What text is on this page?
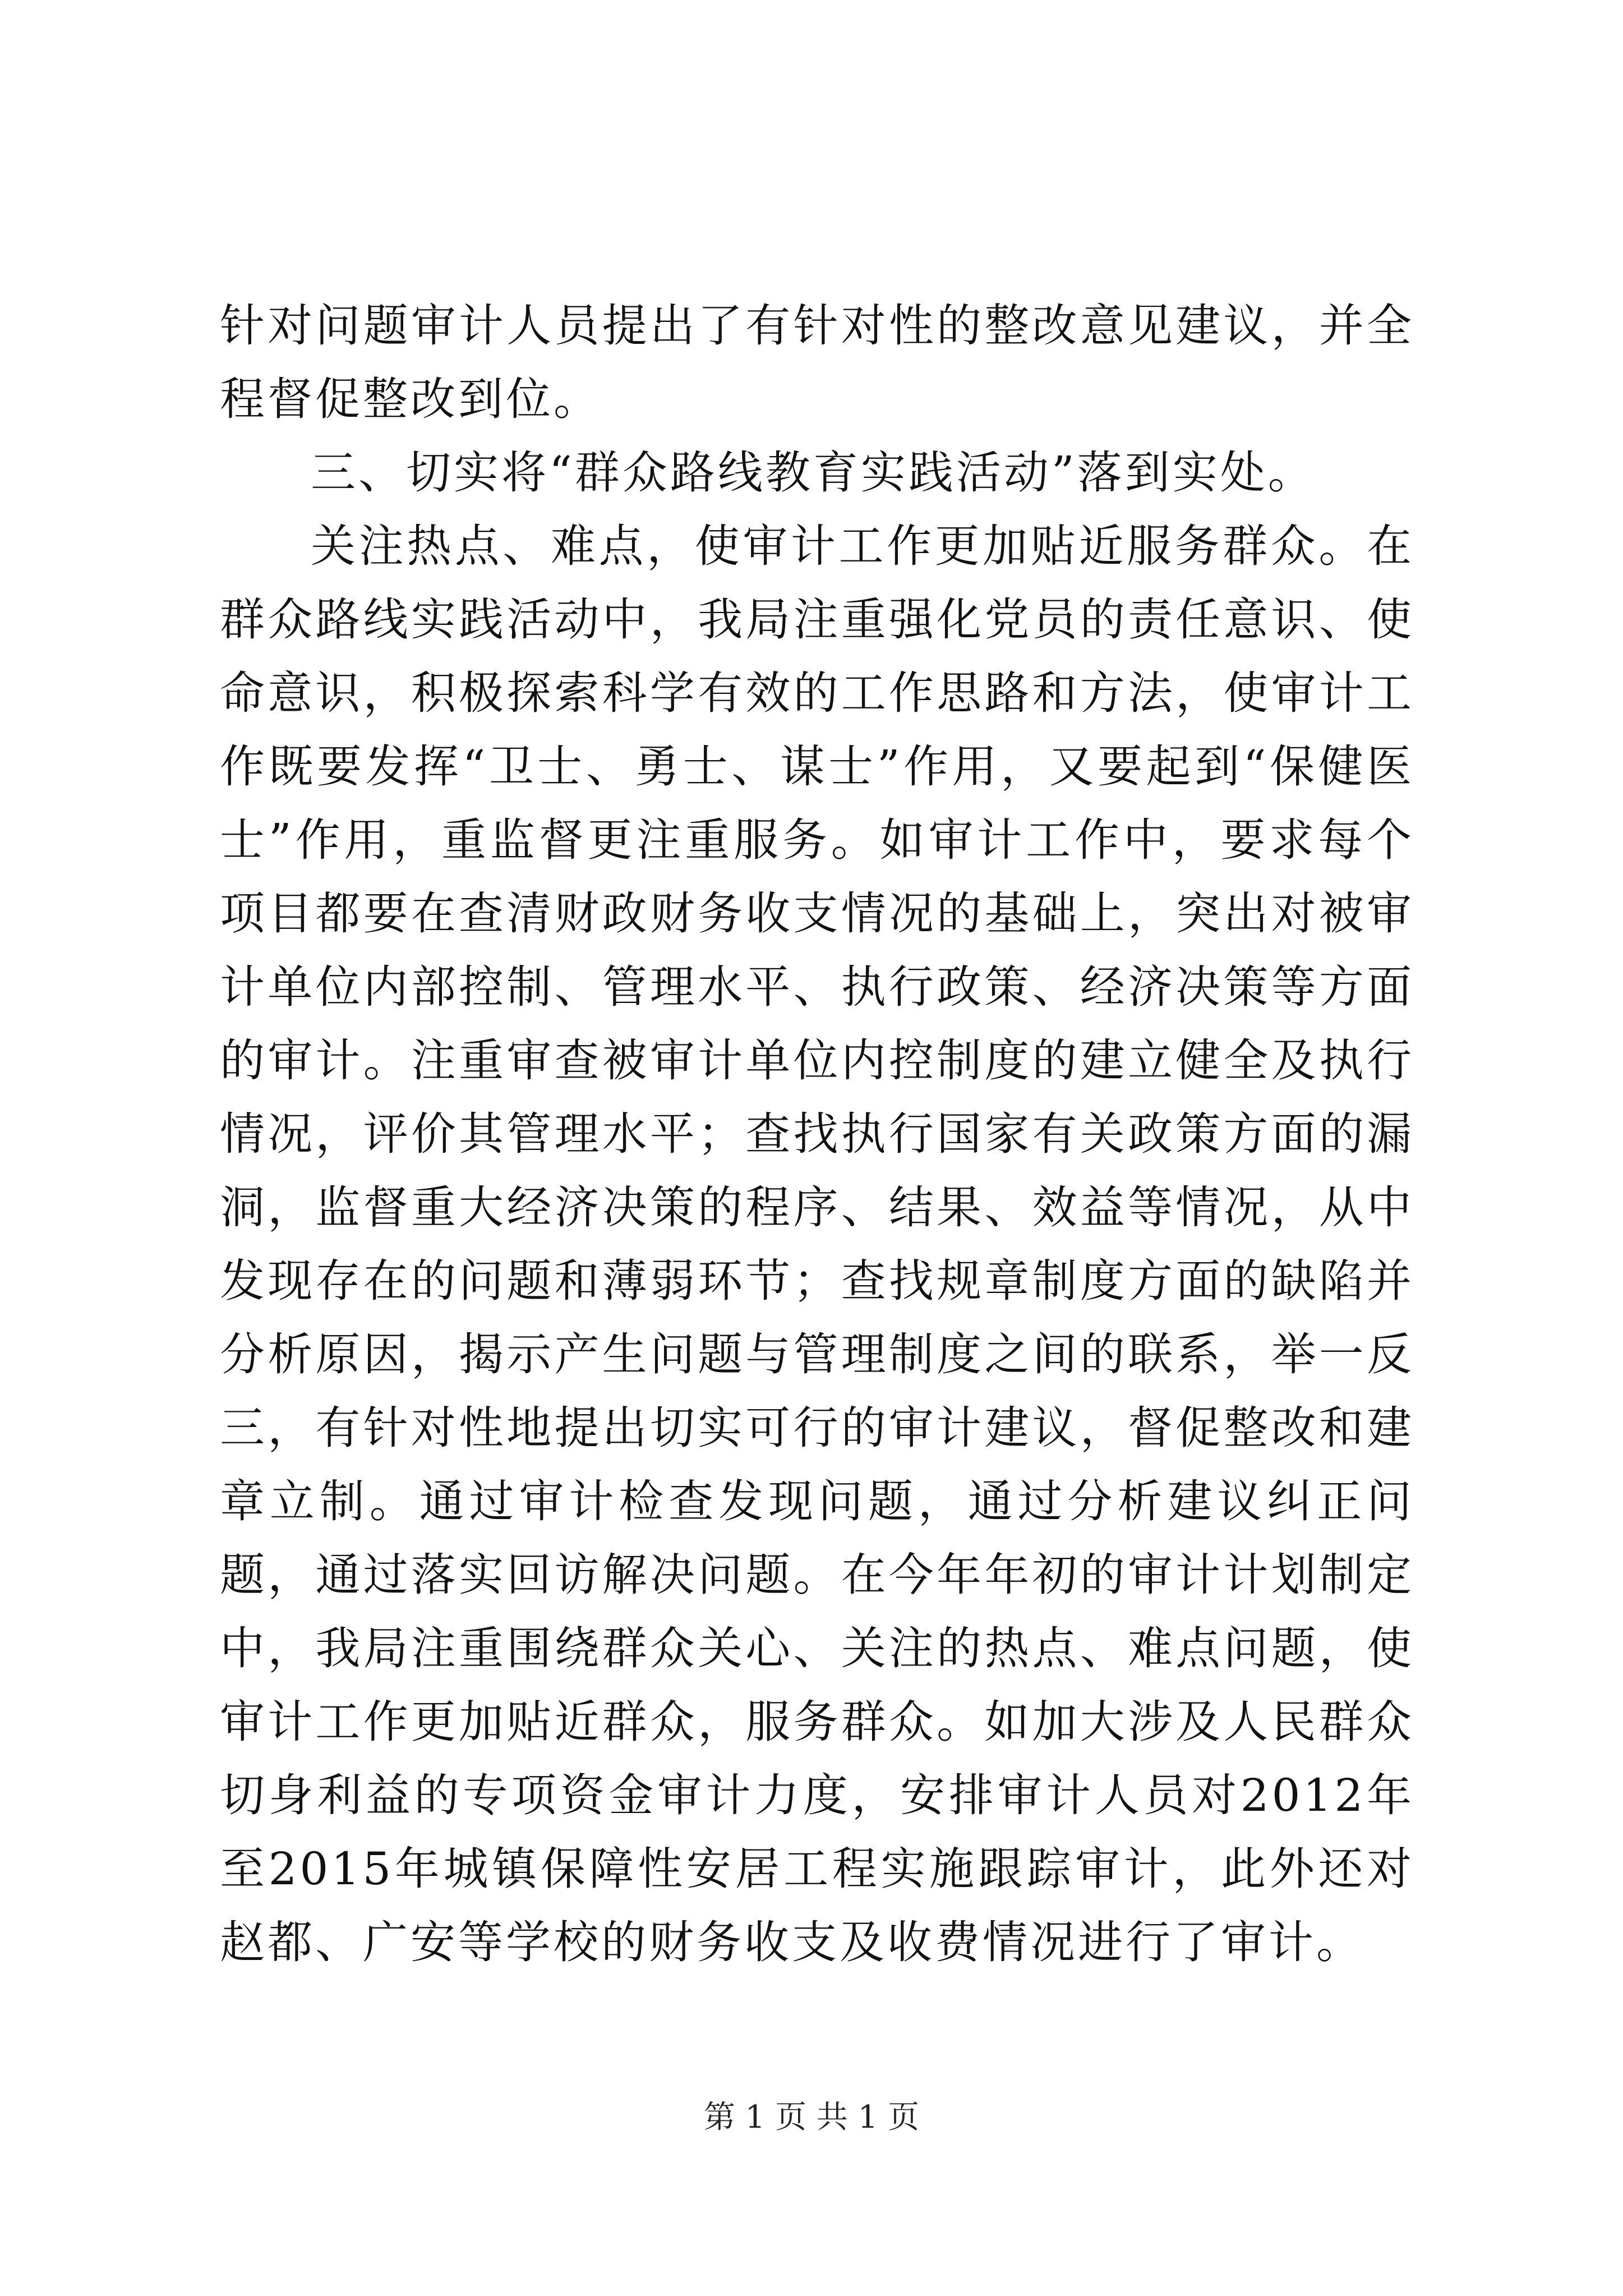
针对问题审计人员提出了有针对性的整改意见建议，并全程督促整改到位。

三、切实将“群众路线教育实践活动”落到实处。

关注热点、难点，使审计工作更加贴近服务群众。在群众路线实践活动中，我局注重强化党员的责任意识、使命意识，积极探索科学有效的工作思路和方法，使审计工作既要发挥“卫士、勇士、谋士”作用，又要起到“保健医士”作用，重监督更注重服务。如审计工作中，要求每个项目都要在查清财政财务收支情况的基础上，突出对被审计单位内部控制、管理水平、执行政策、经济决策等方面的审计。注重审查被审计单位内控制度的建立健全及执行情况，评价其管理水平；查找执行国家有关政策方面的漏洞，监督重大经济决策的程序、结果、效益等情况，从中发现存在的问题和薄弱环节；查找规章制度方面的缺陷并分析原因，揭示产生问题与管理制度之间的联系，举一反三，有针对性地提出切实可行的审计建议，督促整改和建章立制。通过审计检查发现问题，通过分析建议纠正问题，通过落实回访解决问题。在今年年初的审计计划制定中，我局注重围绕群众关心、关注的热点、难点问题，使审计工作更加贴近群众，服务群众。如加大涉及人民群众切身利益的专项资金审计力度，安排审计人员对2012年至2015年城镇保障性安居工程实施跟踪审计，此外还对赵都、广安等学校的财务收支及收费情况进行了审计。

第 1 页 共 1 页
